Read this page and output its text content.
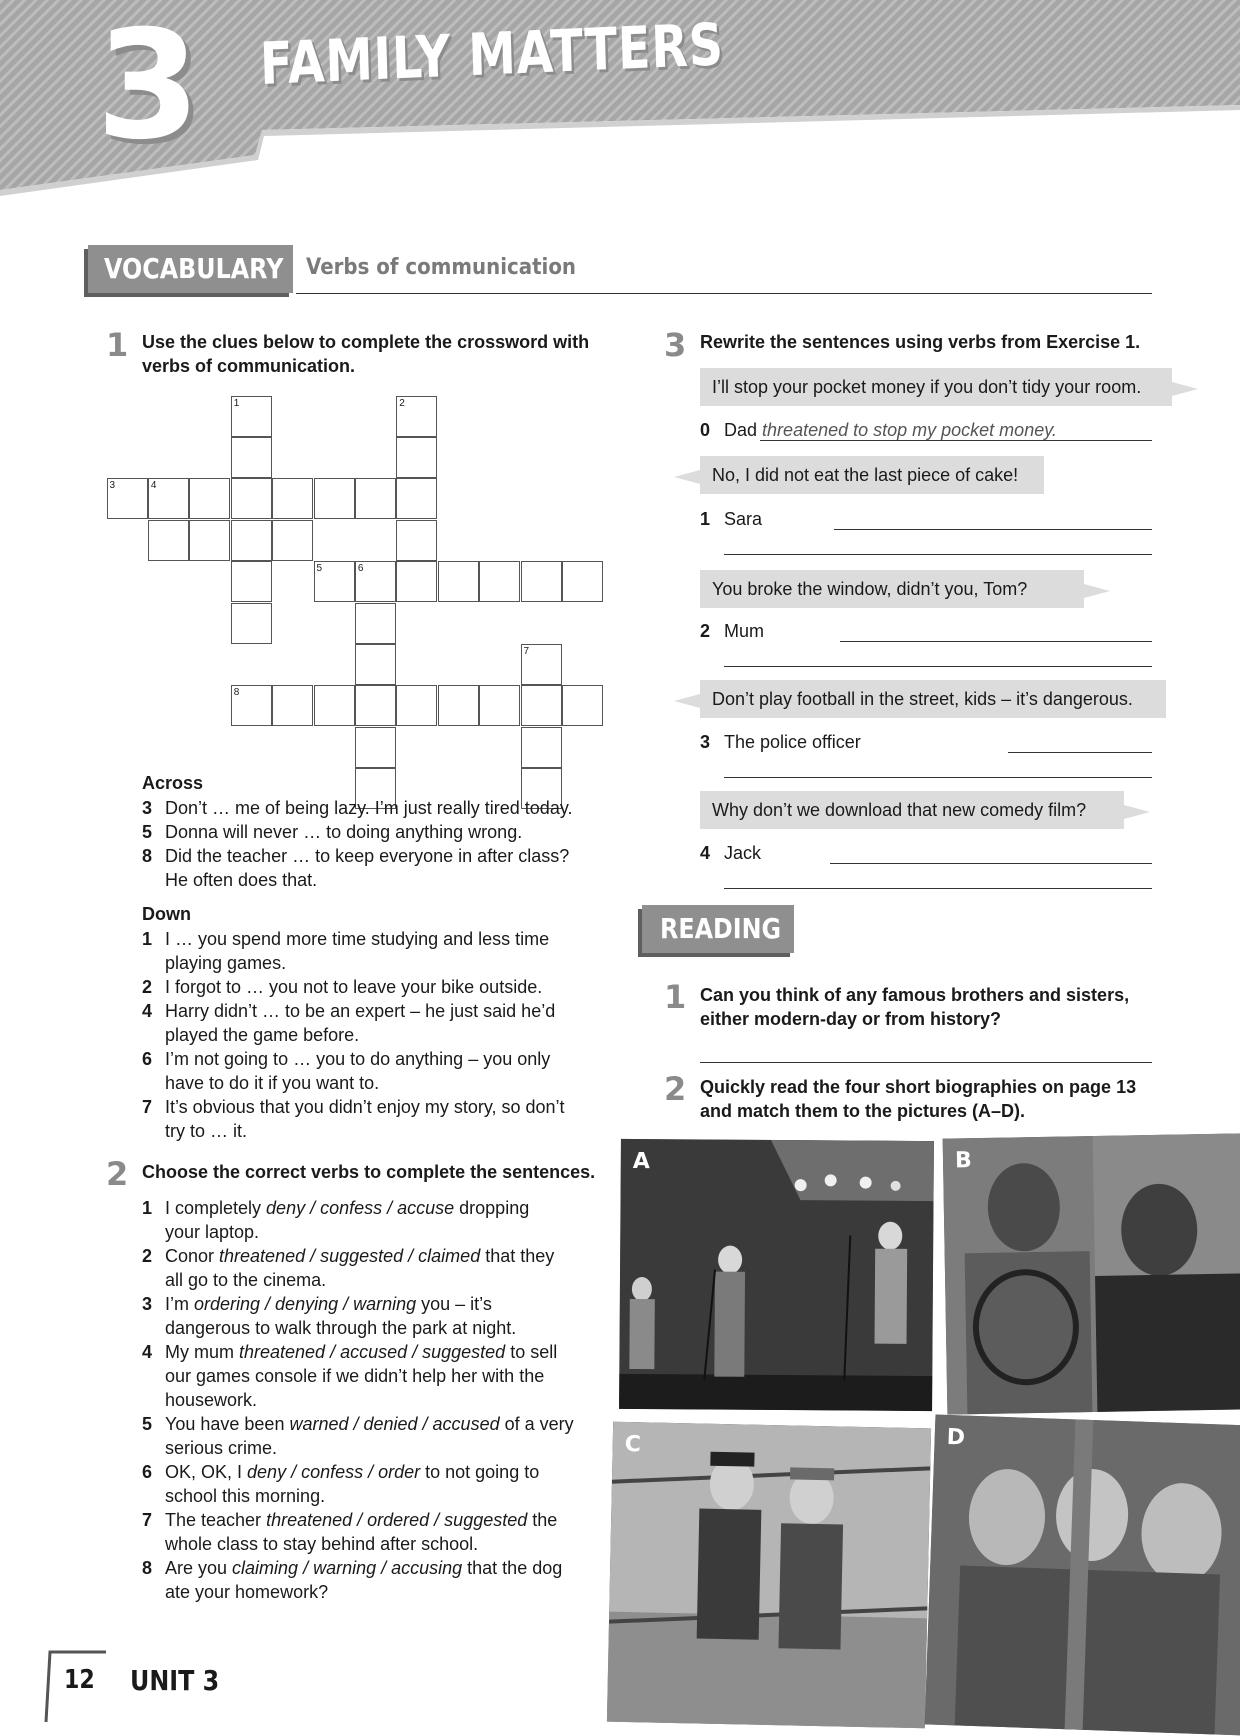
3 FAMILY MATTERS
VOCABULARY	Verbs of communication
1 Use the clues below to complete the crossword with
verbs of communication.
1	2
3	4
5	6
7
8
Across
3 Don’t … me of being lazy. I’m just really tired today.
5 Donna will never … to doing anything wrong.
8 Did the teacher … to keep everyone in after class?
He often does that.
Down
1 I … you spend more time studying and less time
playing games.
2 I forgot to … you not to leave your bike outside.
4 Harry didn’t … to be an expert – he just said he’d
played the game before.
6 I’m not going to … you to do anything – you only
have to do it if you want to.
7 It’s obvious that you didn’t enjoy my story, so don’t
try to … it.
2 Choose the correct verbs to complete the sentences.
1 I completely deny / confess / accuse dropping
your laptop.
2 Conor threatened / suggested / claimed that they
all go to the cinema.
3 I’m ordering / denying / warning you – it’s
dangerous to walk through the park at night.
4 My mum threatened / accused / suggested to sell
our games console if we didn’t help her with the
housework.
5 You have been warned / denied / accused of a very
serious crime.
6 OK, OK, I deny / confess / order to not going to
school this morning.
7 The teacher threatened / ordered / suggested the
whole class to stay behind after school.
8 Are you claiming / warning / accusing that the dog
ate your homework?
3 Rewrite the sentences using verbs from Exercise 1.
I’ll stop your pocket money if you don’t tidy your room.
0 Dad threatened to stop my pocket money.
No, I did not eat the last piece of cake!
1 Sara
You broke the window, didn’t you, Tom?
2 Mum
Don’t play football in the street, kids – it’s dangerous.
3 The police officer
Why don’t we download that new comedy film?
4 Jack
READING
1 Can you think of any famous brothers and sisters,
either modern-day or from history?
2 Quickly read the four short biographies on page 13
and match them to the pictures (A–D).
A	B
C	D
12 UNIT 3
